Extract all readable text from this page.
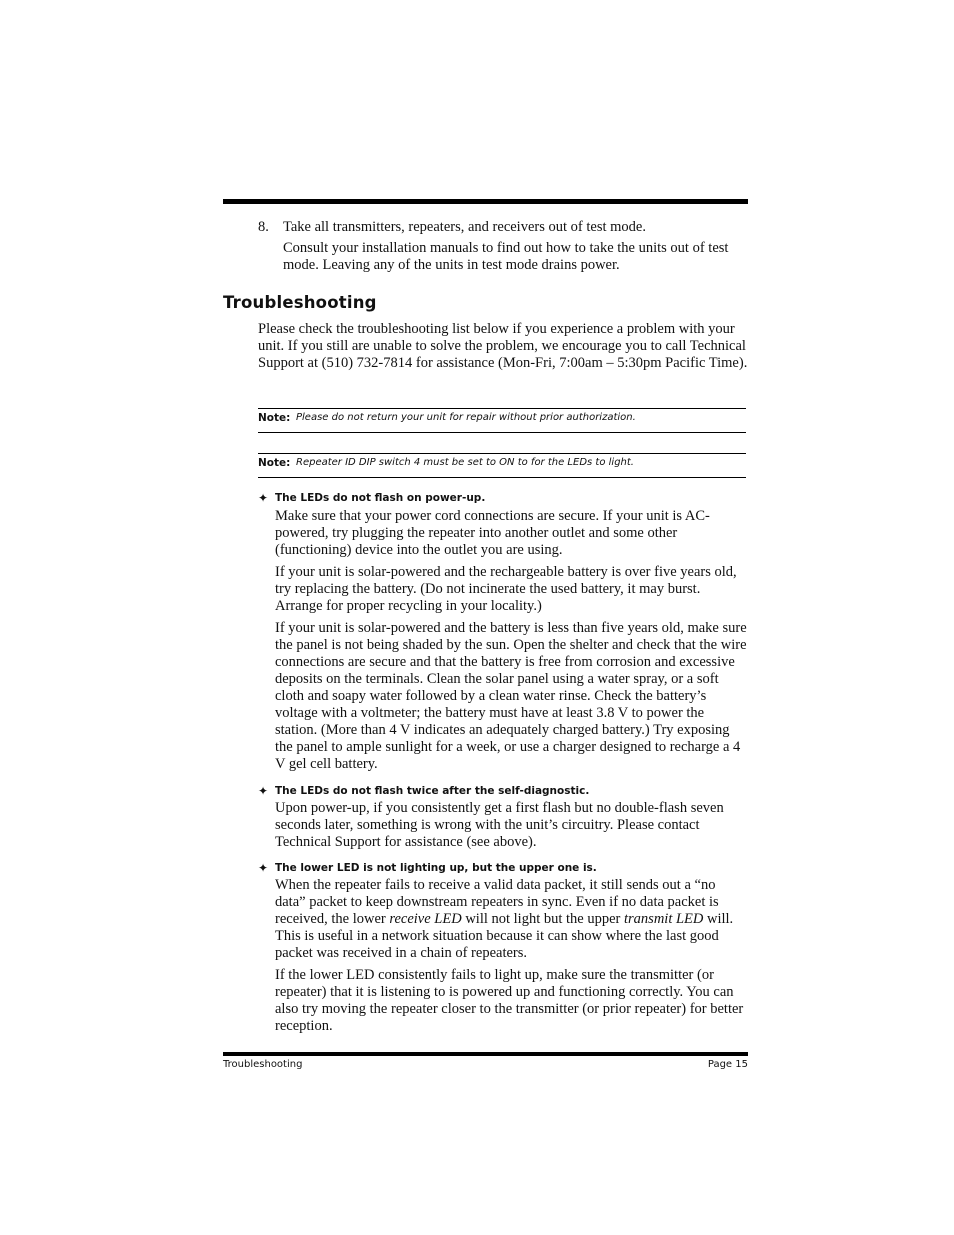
8. Take all transmitters, repeaters, and receivers out of test mode.
Consult your installation manuals to find out how to take the units out of test mode. Leaving any of the units in test mode drains power.
Troubleshooting
Please check the troubleshooting list below if you experience a problem with your unit. If you still are unable to solve the problem, we encourage you to call Technical Support at (510) 732-7814 for assistance (Mon-Fri, 7:00am – 5:30pm Pacific Time).
Note: Please do not return your unit for repair without prior authorization.
Note: Repeater ID DIP switch 4 must be set to ON to for the LEDs to light.
✦ The LEDs do not flash on power-up.

Make sure that your power cord connections are secure. If your unit is AC-powered, try plugging the repeater into another outlet and some other (functioning) device into the outlet you are using.

If your unit is solar-powered and the rechargeable battery is over five years old, try replacing the battery. (Do not incinerate the used battery, it may burst. Arrange for proper recycling in your locality.)

If your unit is solar-powered and the battery is less than five years old, make sure the panel is not being shaded by the sun. Open the shelter and check that the wire connections are secure and that the battery is free from corrosion and excessive deposits on the terminals. Clean the solar panel using a water spray, or a soft cloth and soapy water followed by a clean water rinse. Check the battery’s voltage with a voltmeter; the battery must have at least 3.8 V to power the station. (More than 4 V indicates an adequately charged battery.) Try exposing the panel to ample sunlight for a week, or use a charger designed to recharge a 4 V gel cell battery.

✦ The LEDs do not flash twice after the self-diagnostic.

Upon power-up, if you consistently get a first flash but no double-flash seven seconds later, something is wrong with the unit’s circuitry. Please contact Technical Support for assistance (see above).

✦ The lower LED is not lighting up, but the upper one is.

When the repeater fails to receive a valid data packet, it still sends out a “no data” packet to keep downstream repeaters in sync. Even if no data packet is received, the lower receive LED will not light but the upper transmit LED will. This is useful in a network situation because it can show where the last good packet was received in a chain of repeaters.

If the lower LED consistently fails to light up, make sure the transmitter (or repeater) that it is listening to is powered up and functioning correctly. You can also try moving the repeater closer to the transmitter (or prior repeater) for better reception.

Troubleshooting	Page 15
